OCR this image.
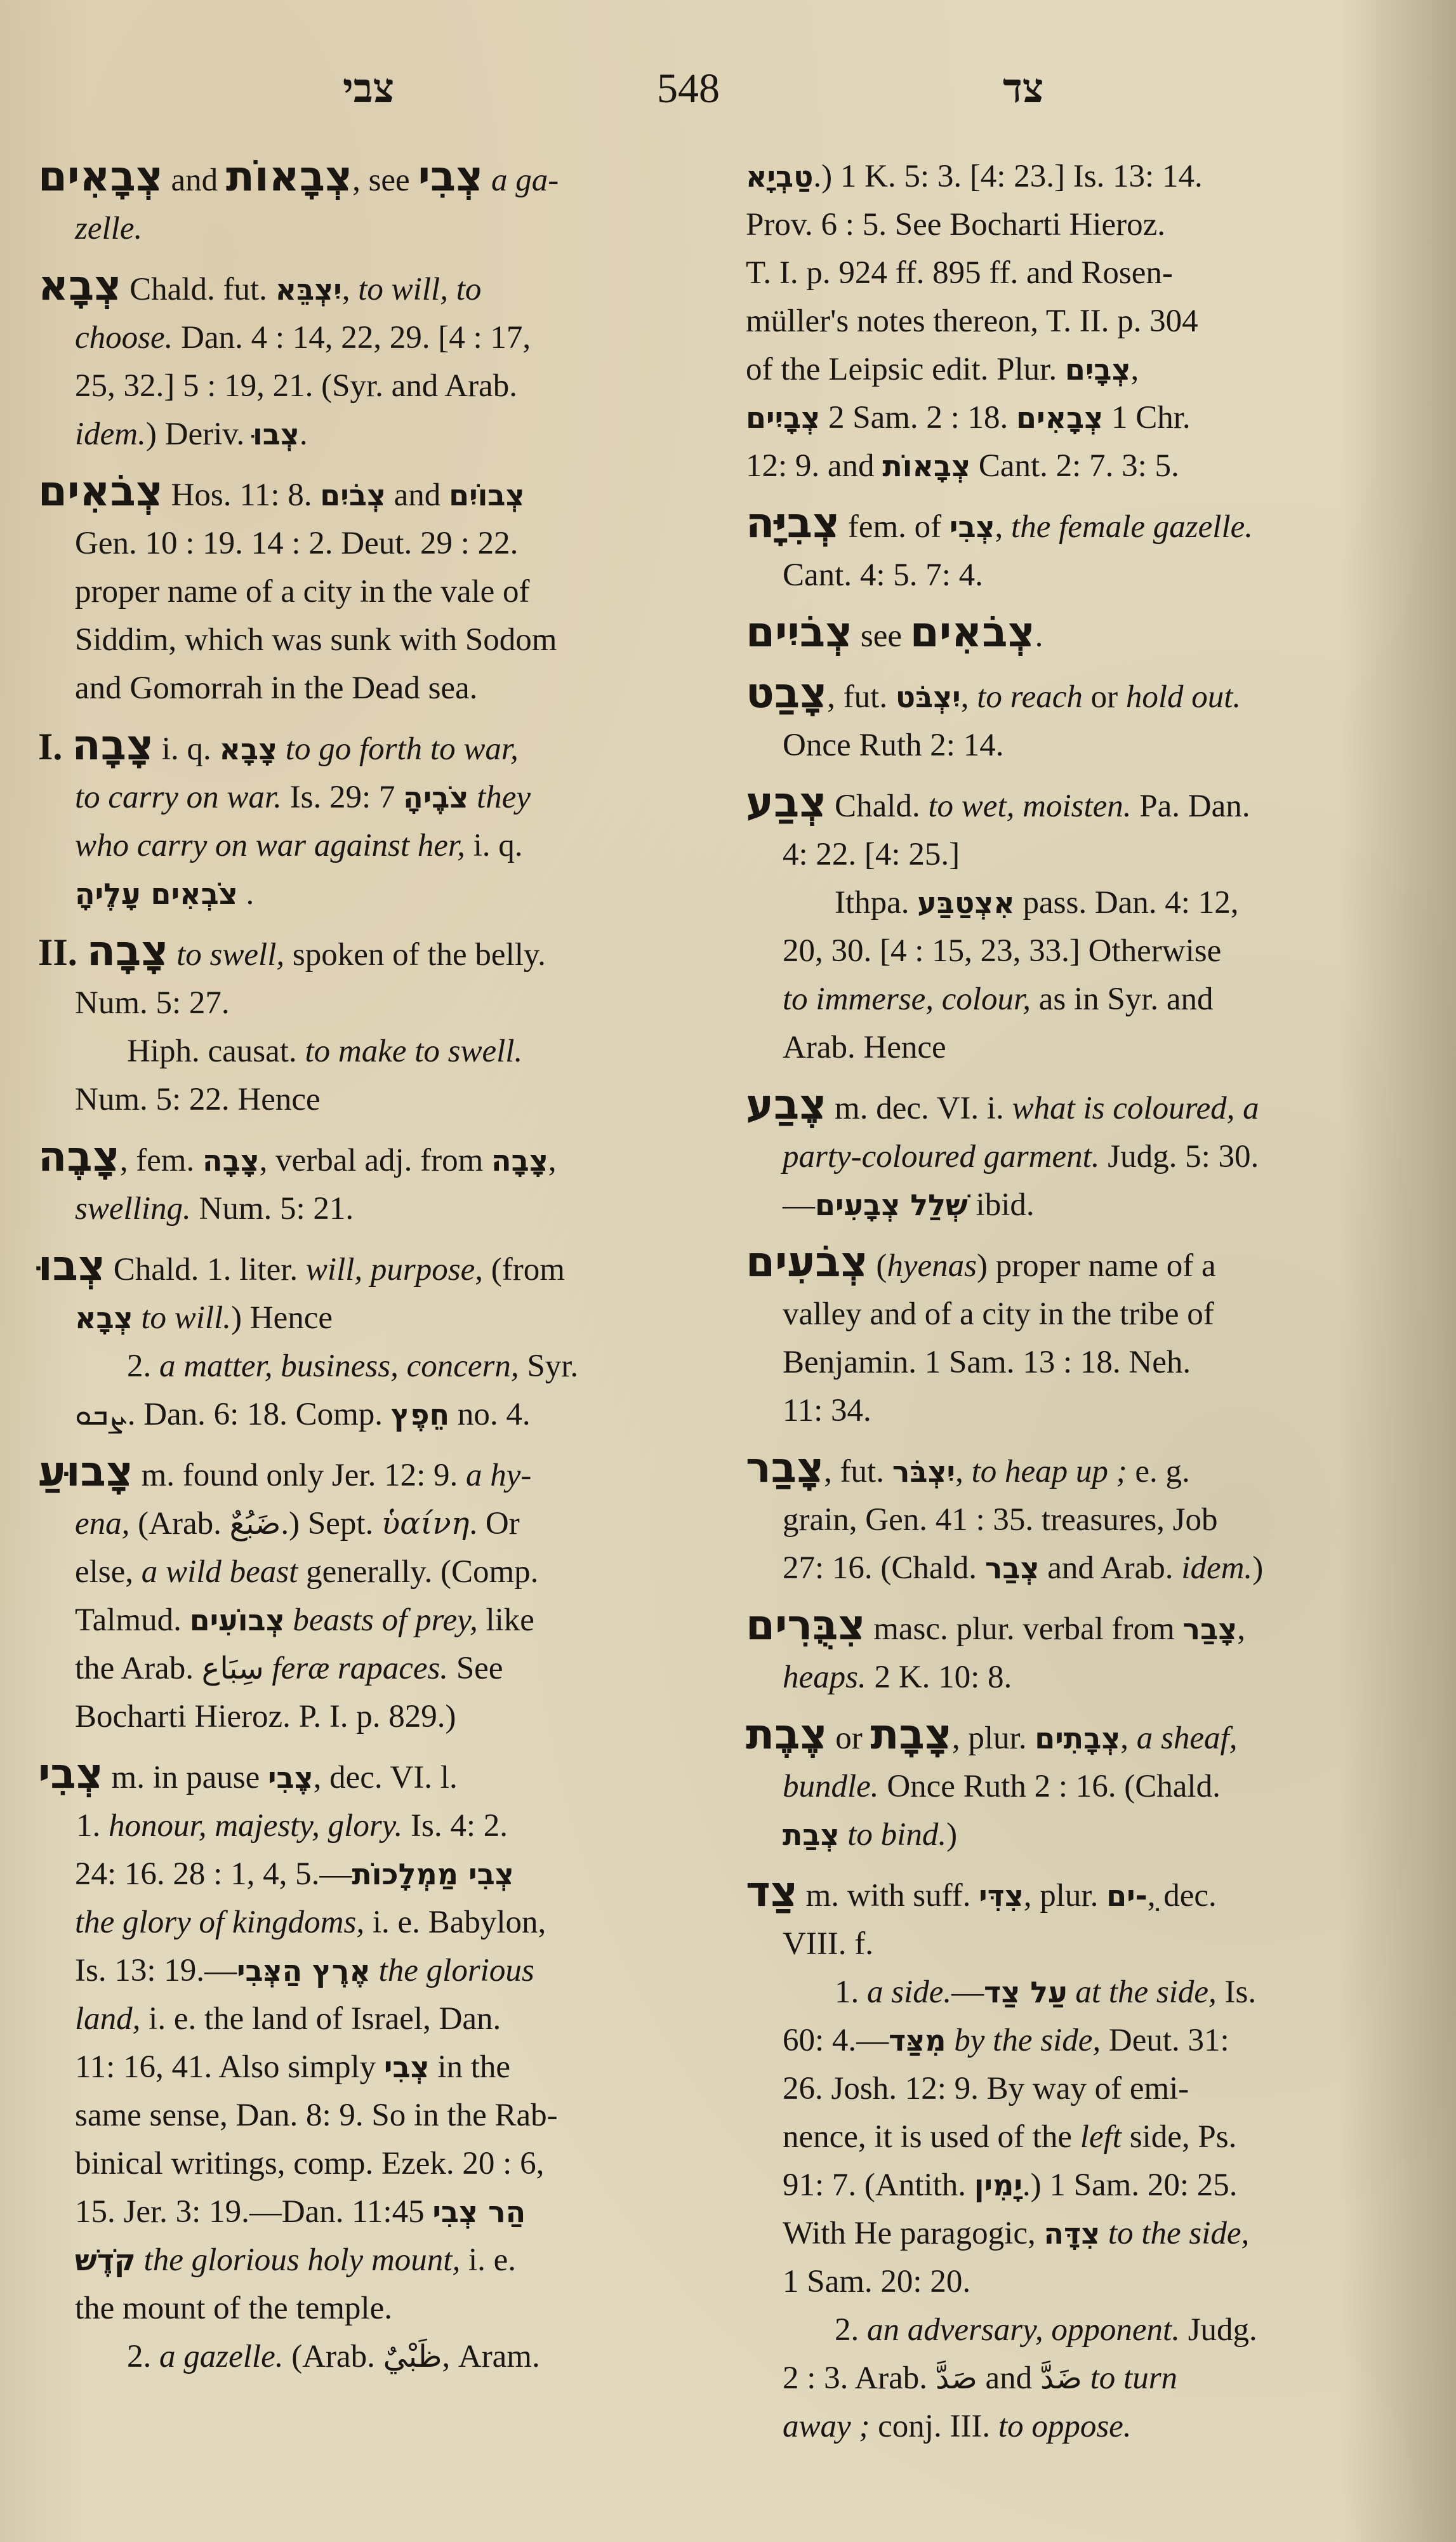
צבי	548	צד
צְבָאִים and צְבָאוֹת, see צְבִי a ga-
zelle.
צְבָא Chald. fut. יִצְבֵּא, to will, to
choose. Dan. 4 : 14, 22, 29. [4 : 17,
25, 32.] 5 : 19, 21. (Syr. and Arab.
idem.) Deriv. צְבוּ.
צְבֹאִים Hos. 11: 8. צְבֹיִם and צְבוֹיִם
Gen. 10 : 19. 14 : 2. Deut. 29 : 22.
proper name of a city in the vale of
Siddim, which was sunk with Sodom
and Gomorrah in the Dead sea.
I. צָבָה i. q. צָבָא to go forth to war,
to carry on war. Is. 29: 7 צֹבֶיהָ they
who carry on war against her, i. q.
צֹבְאִים עָלֶיהָ .
II. צָבָה to swell, spoken of the belly.
Num. 5: 27.
Hiph. causat. to make to swell.
Num. 5: 22. Hence
צָבֶה, fem. צָבָה, verbal adj. from צָבָה,
swelling. Num. 5: 21.
צְבוּ Chald. 1. liter. will, purpose, (from
צְבָא to will.) Hence
2. a matter, business, concern, Syr.
ܨܒܘ. Dan. 6: 18. Comp. חֵפֶץ no. 4.
צָבוּעַ m. found only Jer. 12: 9. a hy-
ena, (Arab. ضَبُعٌ.) Sept. ὑαίνη. Or
else, a wild beast generally. (Comp.
Talmud. צְבוֹעִים beasts of prey, like
the Arab. سِبَاع feræ rapaces. See
Bocharti Hieroz. P. I. p. 829.)
צְבִי m. in pause צֶבִי, dec. VI. l.
1. honour, majesty, glory. Is. 4: 2.
24: 16. 28 : 1, 4, 5.—צְבִי מַמְלָכוֹת
the glory of kingdoms, i. e. Babylon,
Is. 13: 19.—אֶרֶץ הַצְּבִי the glorious
land, i. e. the land of Israel, Dan.
11: 16, 41. Also simply צְבִי in the
same sense, Dan. 8: 9. So in the Rab-
binical writings, comp. Ezek. 20 : 6,
15. Jer. 3: 19.—Dan. 11:45 הַר צְבִי
קֹדֶשׁ the glorious holy mount, i. e.
the mount of the temple.
2. a gazelle. (Arab. ظَبْيٌ, Aram.
טַבְיָא.) 1 K. 5: 3. [4: 23.] Is. 13: 14.
Prov. 6 : 5. See Bocharti Hieroz.
T. I. p. 924 ff. 895 ff. and Rosen-
müller's notes thereon, T. II. p. 304
of the Leipsic edit. Plur. צְבָיִם,
צְבָיִים 2 Sam. 2 : 18. צְבָאִים 1 Chr.
12: 9. and צְבָאוֹת Cant. 2: 7. 3: 5.
צְבִיָּה fem. of צְבִי, the female gazelle.
Cant. 4: 5. 7: 4.
צְבֹיִים see צְבֹאִים.
צָבַט, fut. יִצְבֹּט, to reach or hold out.
Once Ruth 2: 14.
צְבַע Chald. to wet, moisten. Pa. Dan.
4: 22. [4: 25.]
Ithpa. אִצְטַבַּע pass. Dan. 4: 12,
20, 30. [4 : 15, 23, 33.] Otherwise
to immerse, colour, as in Syr. and
Arab. Hence
צֶבַע m. dec. VI. i. what is coloured, a
party-coloured garment. Judg. 5: 30.
—שְׁלַל צְבָעִים ibid.
צְבֹעִים (hyenas) proper name of a
valley and of a city in the tribe of
Benjamin. 1 Sam. 13 : 18. Neh.
11: 34.
צָבַר, fut. יִצְבֹּר, to heap up ; e. g.
grain, Gen. 41 : 35. treasures, Job
27: 16. (Chald. צְבַר and Arab. idem.)
צִבֻּרִים masc. plur. verbal from צָבַר,
heaps. 2 K. 10: 8.
צֶבֶת or צָבָת, plur. צְבָתִים, a sheaf,
bundle. Once Ruth 2 : 16. (Chald.
צְבַת to bind.)
צַד m. with suff. צִדִּי, plur. ִ-ים, dec.
VIII. f.
1. a side.—עַל צַד at the side, Is.
60: 4.—מִצַּד by the side, Deut. 31:
26. Josh. 12: 9. By way of emi-
nence, it is used of the left side, Ps.
91: 7. (Antith. יָמִין.) 1 Sam. 20: 25.
With He paragogic, צִדָּה to the side,
1 Sam. 20: 20.
2. an adversary, opponent. Judg.
2 : 3. Arab. صَدَّ and ضَدَّ to turn
away ; conj. III. to oppose.
